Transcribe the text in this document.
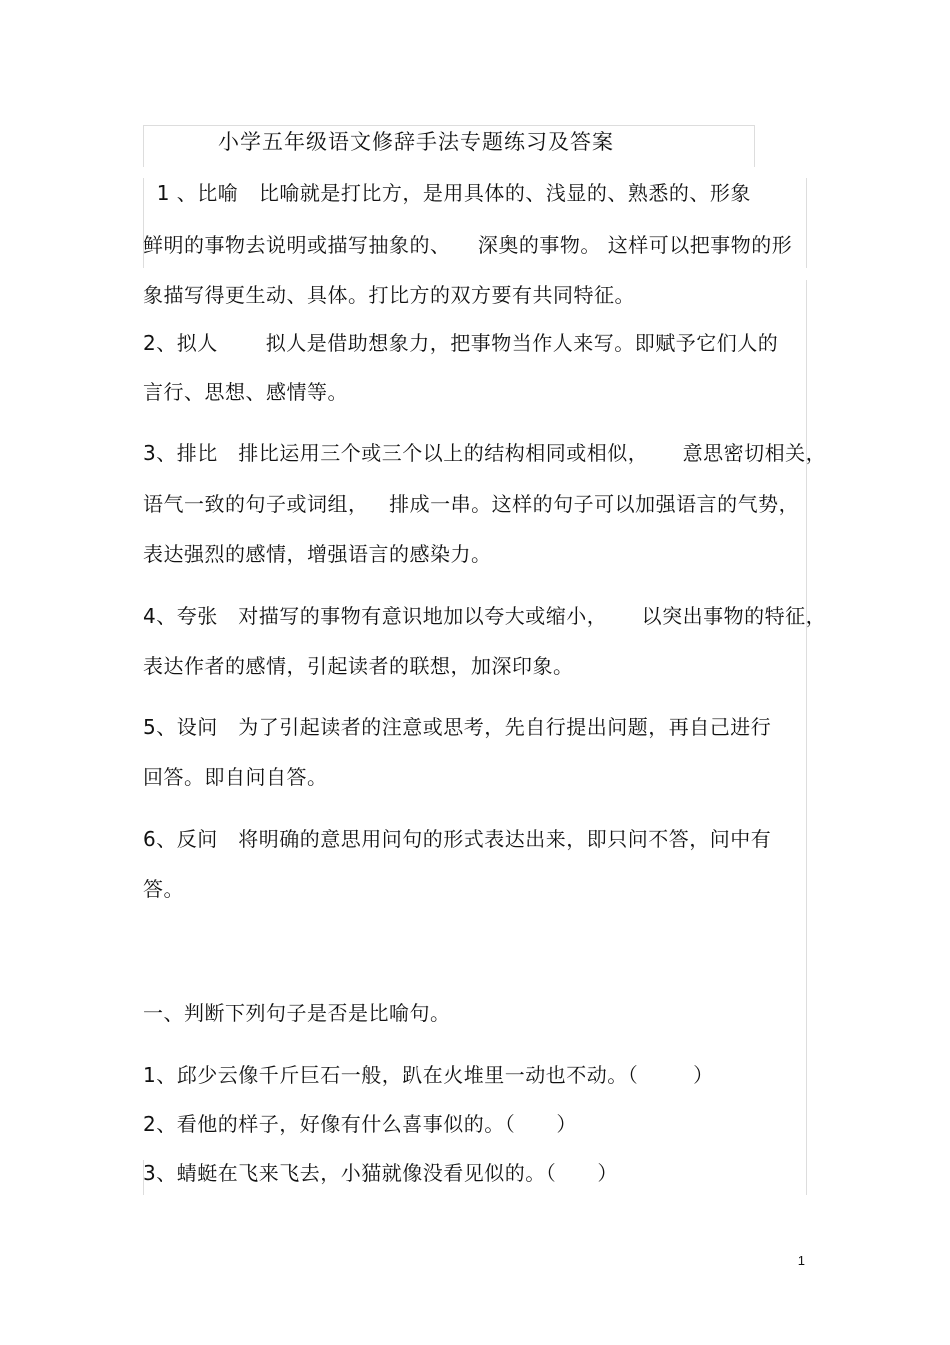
小学五年级语文修辞手法专题练习及答案
1 、比喻   比喻就是打比方，是用具体的、浅显的、熟悉的、形象
鲜明的事物去说明或描写抽象的、    深奥的事物。 这样可以把事物的形
象描写得更生动、具体。打比方的双方要有共同特征。
2、拟人       拟人是借助想象力，把事物当作人来写。即赋予它们人的
言行、思想、感情等。
3、排比   排比运用三个或三个以上的结构相同或相似，     意思密切相关，
语气一致的句子或词组，   排成一串。这样的句子可以加强语言的气势，
表达强烈的感情，增强语言的感染力。
4、夸张   对描写的事物有意识地加以夸大或缩小，     以突出事物的特征，
表达作者的感情，引起读者的联想，加深印象。
5、设问   为了引起读者的注意或思考，先自行提出问题，再自己进行
回答。即自问自答。
6、反问   将明确的意思用问句的形式表达出来，即只问不答，问中有
答。
一、判断下列句子是否是比喻句。
1、邱少云像千斤巨石一般，趴在火堆里一动也不动。（        ）
2、看他的样子，好像有什么喜事似的。（      ）
3、蜻蜓在飞来飞去，小猫就像没看见似的。（      ）
1
